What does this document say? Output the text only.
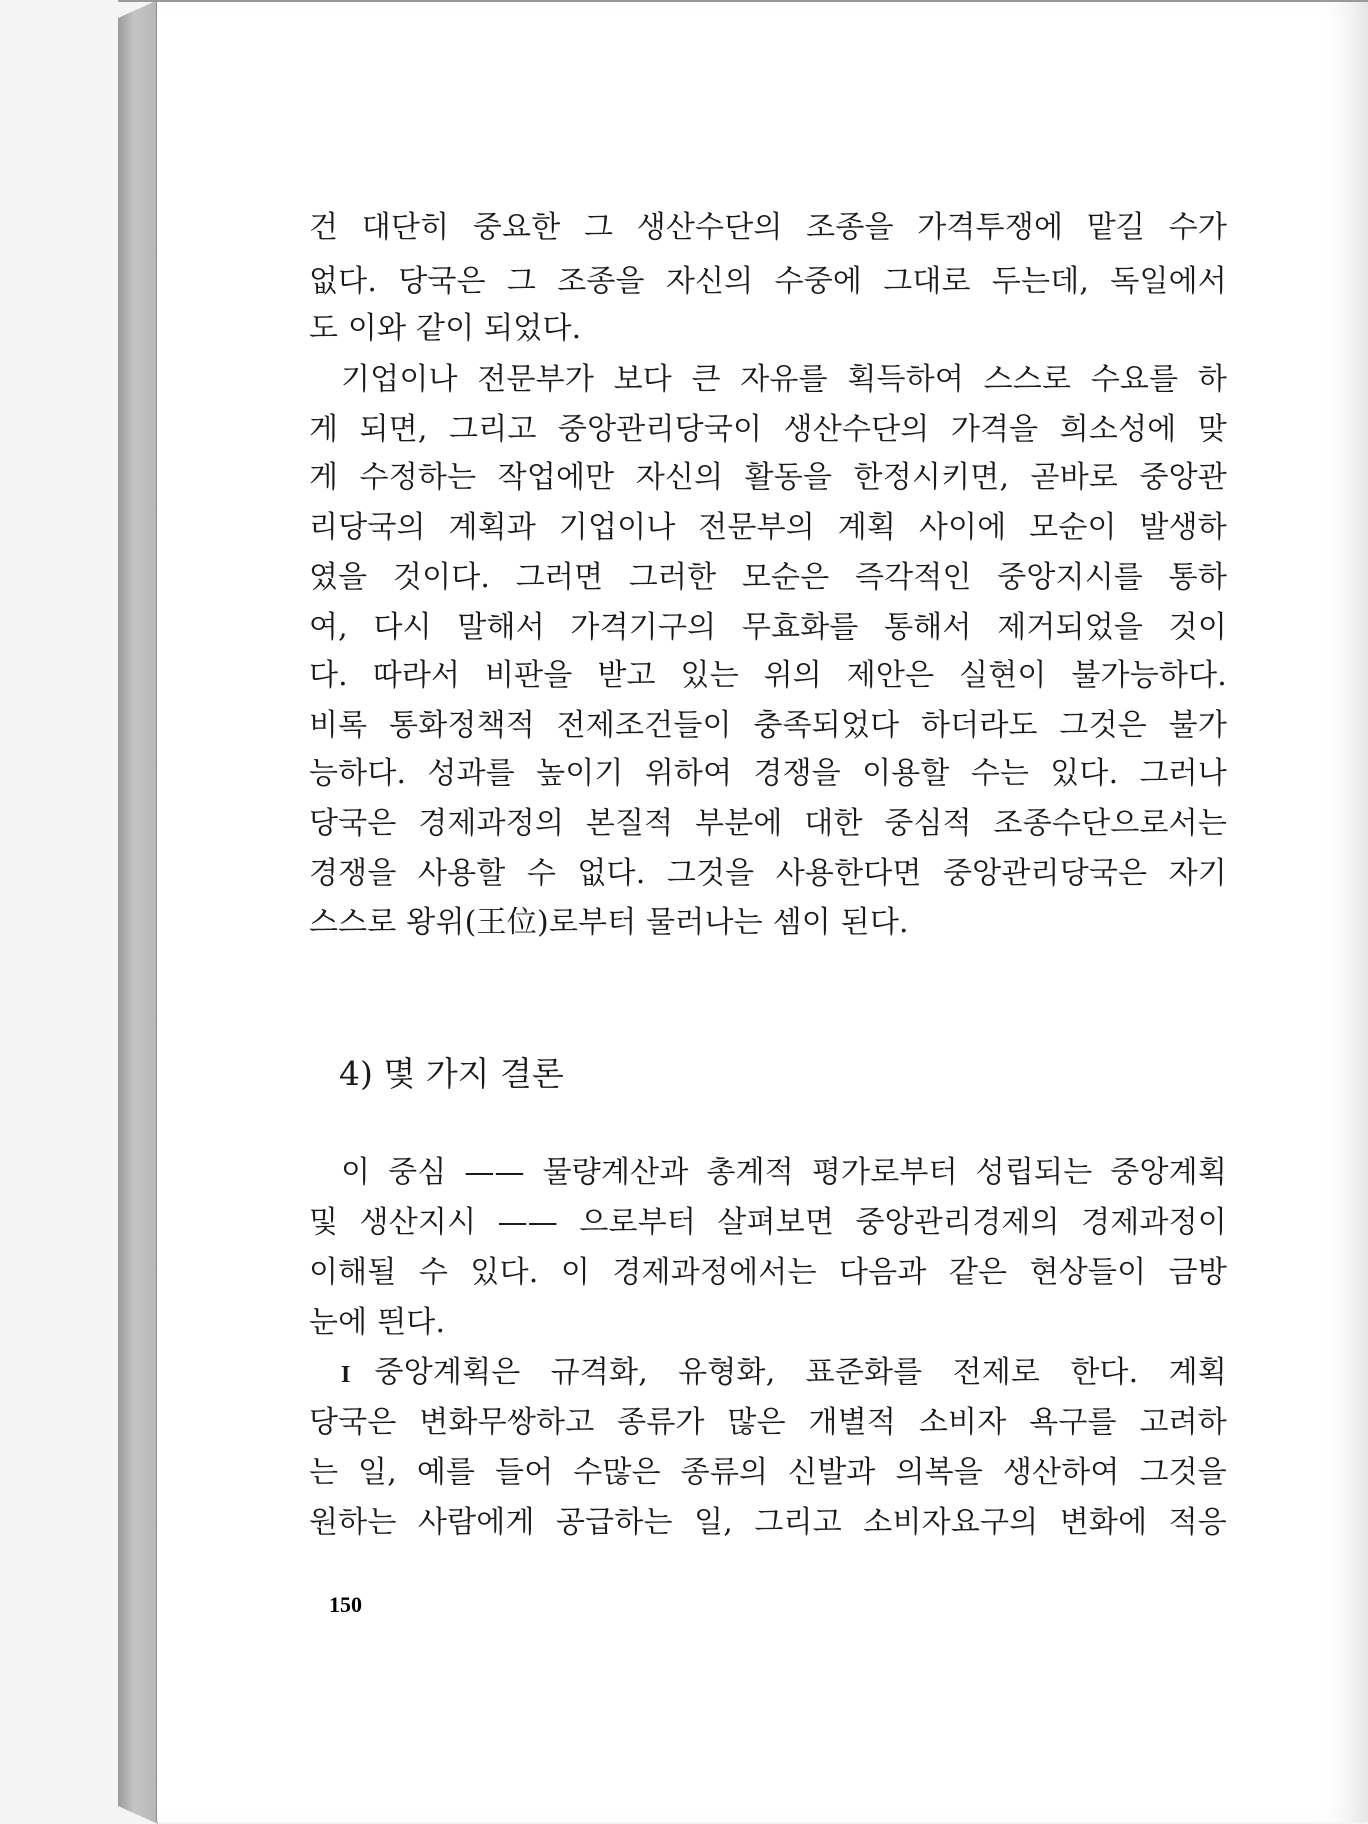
건 대단히 중요한 그 생산수단의 조종을 가격투쟁에 맡길 수가
없다. 당국은 그 조종을 자신의 수중에 그대로 두는데, 독일에서
도 이와 같이 되었다.
기업이나 전문부가 보다 큰 자유를 획득하여 스스로 수요를 하
게 되면, 그리고 중앙관리당국이 생산수단의 가격을 희소성에 맞
게 수정하는 작업에만 자신의 활동을 한정시키면, 곧바로 중앙관
리당국의 계획과 기업이나 전문부의 계획 사이에 모순이 발생하
였을 것이다. 그러면 그러한 모순은 즉각적인 중앙지시를 통하
여, 다시 말해서 가격기구의 무효화를 통해서 제거되었을 것이
다. 따라서 비판을 받고 있는 위의 제안은 실현이 불가능하다.
비록 통화정책적 전제조건들이 충족되었다 하더라도 그것은 불가
능하다. 성과를 높이기 위하여 경쟁을 이용할 수는 있다. 그러나
당국은 경제과정의 본질적 부분에 대한 중심적 조종수단으로서는
경쟁을 사용할 수 없다. 그것을 사용한다면 중앙관리당국은 자기
스스로 왕위(王位)로부터 물러나는 셈이 된다.
4) 몇 가지 결론
이 중심 —— 물량계산과 총계적 평가로부터 성립되는 중앙계획
및 생산지시 —— 으로부터 살펴보면 중앙관리경제의 경제과정이
이해될 수 있다. 이 경제과정에서는 다음과 같은 현상들이 금방
눈에 띈다.
I 중앙계획은 규격화, 유형화, 표준화를 전제로 한다. 계획
당국은 변화무쌍하고 종류가 많은 개별적 소비자 욕구를 고려하
는 일, 예를 들어 수많은 종류의 신발과 의복을 생산하여 그것을
원하는 사람에게 공급하는 일, 그리고 소비자요구의 변화에 적응
150
